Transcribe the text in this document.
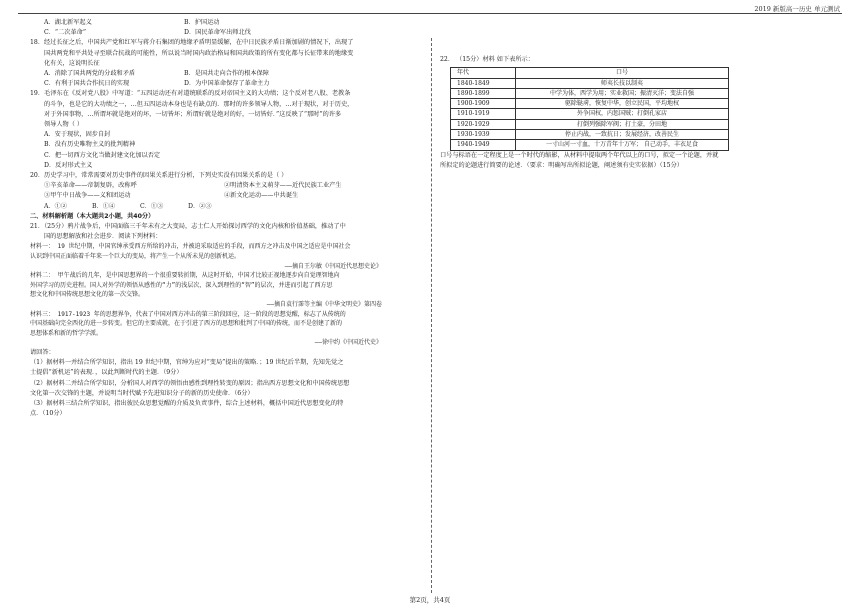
2019 新版高一历史 单元测试
A．湖北新军起义	B．护国运动
C．“二次革命”	D．国民革命军出师北伐
18．经过长征之后，中国共产党和红军与蒋介石集团的地缘矛盾明显缓解，在中日民族矛盾日渐加剧的情况下，出现了
国共两党和平共处寻至联合抗战的可能性，所以说当时国内政治格局和国共政策的所有变化都与长征带来的地缘变
化有关，这说明长征
A．消除了国共两党的分歧和矛盾	B．是国共走向合作的根本保障
C．有利于国共合作抗日的实现	D．为中国革命保存了革命主力
19．毛泽东在《反对党八股》中写道：“五四运动还有对道统联系的反对帝国主义的大功绩；这个反对老八股、老教条
的斗争，也是它的大功绩之一，…但五四运动本身也是有缺点的．那时的许多领导人物，…对于现状，对于历史，
对于外国事物，…所谓坏就是绝对的坏，一切皆坏；所谓好就是绝对的好，一切皆好．”这反映了“那时”的许多
领导人物（ ）
A．安于现状，固步自封
B．没有历史唯物主义的批判精神
C．把一切西方文化当做封建文化加以否定
D．反对形式主义
20．历史学习中，常常需要对历史事件的因果关系进行分析，下列史实没有因果关系的是（ ）
①辛亥革命——帝制复辟，改称呼	②明清资本主义萌芽——近代民族工业产生
③甲午中日战争——义和团运动	④新文化运动——中共诞生
A．①②	B．①④	C．①③	D．②③
二、材料解析题（本大题共2小题，共40分）
21．（25分）鸦片战争后，中国面临三千年未有之大变局，志士仁人开始探讨西学的文化内核和价值基础，推动了中
国的思想解放和社会进步．阅读下列材料：
材料一： 19 世纪中期，中国官绅承受西方所给的冲击，并被迫采取适应的手段，而西方之冲击及中国之适应是中国社会
认识到中国正面临着千年来一个巨大的变局，将产生一个从所未见的创新机运。
——摘自王尔敏《中国近代思想史论》
材料二： 甲午战后的几年，是中国思想界的一个很重要转折期，从这时开始，中国才比较正视地逐步向自觉理智地向
外国学习的历史进程。国人对外学的领悟从感性的“力”的浅层次，深入到理性的“智”的层次，并进而引起了西方思
想文化和中国传统思想文化的第一次交锋。
——摘自袁行霈等主编《中华文明史》第四卷
材料三： 1917-1923 年的思想界争，代表了中国对西方冲击的第三阶段回应，这一阶段的思想觉醒，标志了从传统的
中国基础向完全西化的进一步转变。但它的主要成就，在于引进了西方的思想和批判了中国的传统，而不是创建了新的
思想体系和新的哲学学派。
——徐中约《中国近代史》
请回答：
（1）据材料一并结合所学知识，指出 19 世纪中期，官绅为应对“变局”提出的策略．；19 世纪后半期，先知先觉之
士提倡“新机运”的表现．，以此判断时代的主题．（9分）
（2）据材料二并结合所学知识，分析国人对西学的领悟由感性到理性转变的原因；指出西方思想文化和中国传统思想
文化第一次交锋的主题，并说明当时代赋予先进知识分子的新的历史使命．（6分）
（3）据材料三结合所学知识，指出彼民众思想觉醒的介质及负责事件，综合上述材料，概括中国近代思想变化的特
点．（10分）
22． （15分）材料 如下表所示：
年代	口号
1840-1849	师夷长技以制夷
1890-1899	中学为体，西学为用；实业救国；振清灭洋；变法自强
1900-1909	驱除鞑虏，恢复中华，创立民国，平均地权
1910-1919	外争国权，内惩国贼；打倒孔家店
1920-1929	打倒列强除军阀；打土豪，分田地
1930-1939	停止内战，一致抗日；发展经济，改善民生
1940-1949	一寸山河一寸血，十万青年十万军； 自己动手，丰衣足食
口号与标语在一定程度上是一个时代的缩影，从材料中提取两个年代以上的口号，拟定一个论题，并就
所拟定的论题进行简要的论述．（要求：明确写出所拟论题，阐述须有史实依据）（15分）
第2页，共4页
